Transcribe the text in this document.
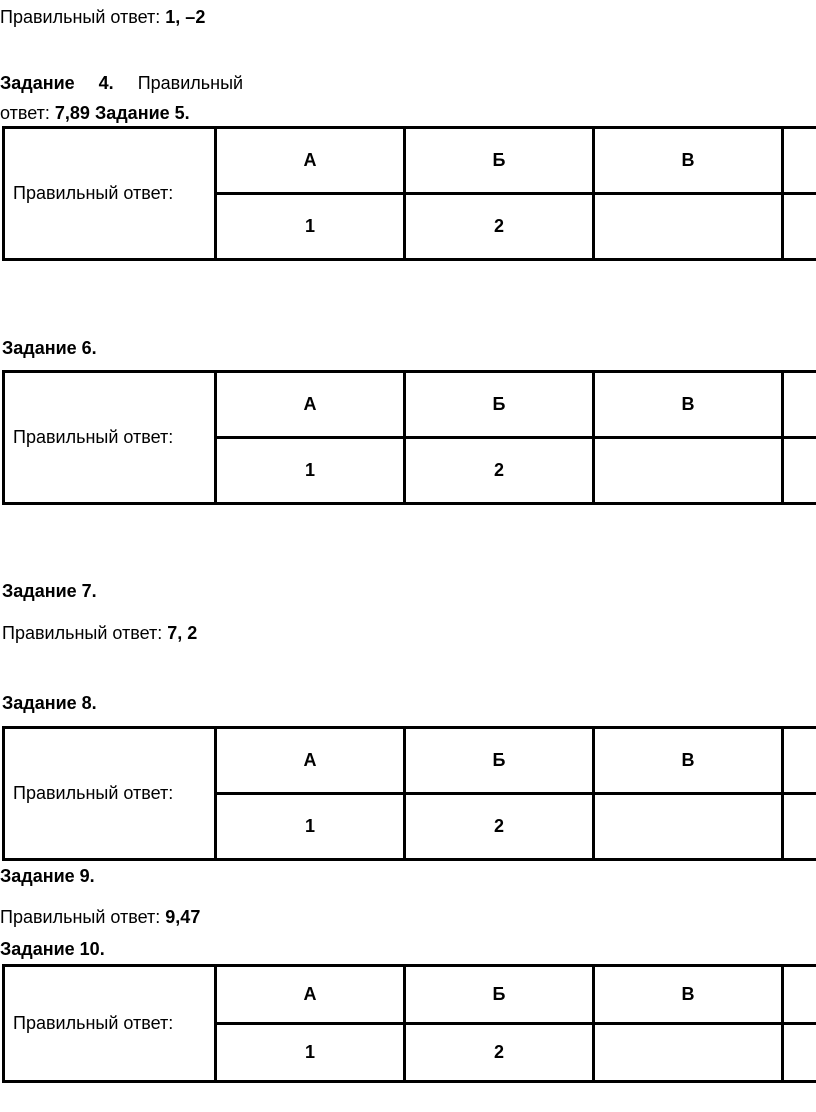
Правильный ответ: 1, –2
Задание 4. Правильный
ответ: 7,89 Задание 5.
Правильный ответ:	А	Б	В	
	1	2		
Задание 6.
Правильный ответ:	А	Б	В	
	1	2		
Задание 7.
Правильный ответ: 7, 2
Задание 8.
Правильный ответ:	А	Б	В	
	1	2		
Задание 9.
Правильный ответ: 9,47
Задание 10.
Правильный ответ:	А	Б	В	
	1	2		
